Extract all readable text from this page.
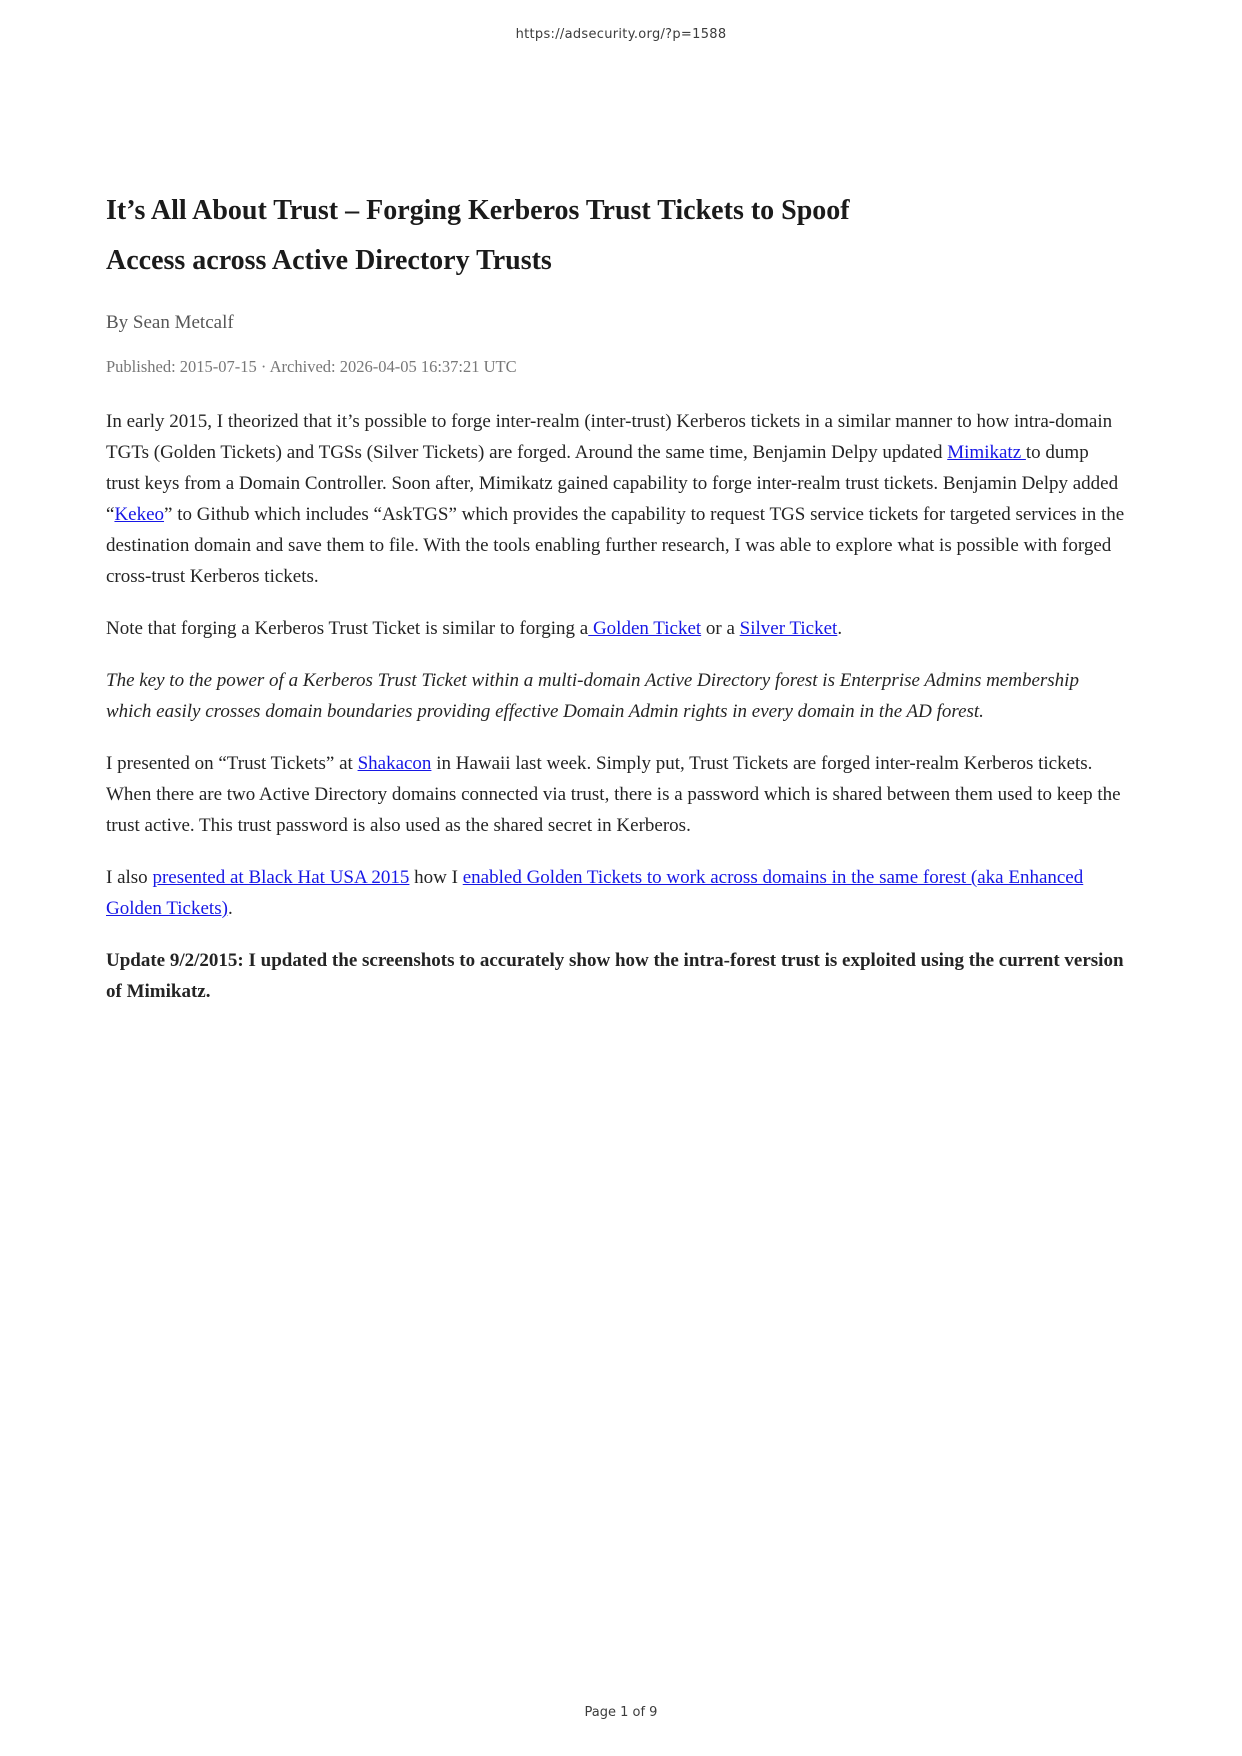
https://adsecurity.org/?p=1588
It’s All About Trust – Forging Kerberos Trust Tickets to Spoof
Access across Active Directory Trusts
By Sean Metcalf
Published: 2015-07-15 · Archived: 2026-04-05 16:37:21 UTC

In early 2015, I theorized that it’s possible to forge inter-realm (inter-trust) Kerberos tickets in a similar manner to how intra-domain TGTs (Golden Tickets) and TGSs (Silver Tickets) are forged. Around the same time, Benjamin Delpy updated Mimikatz to dump trust keys from a Domain Controller. Soon after, Mimikatz gained capability to forge inter-realm trust tickets. Benjamin Delpy added “Kekeo” to Github which includes “AskTGS” which provides the capability to request TGS service tickets for targeted services in the destination domain and save them to file. With the tools enabling further research, I was able to explore what is possible with forged cross-trust Kerberos tickets.

Note that forging a Kerberos Trust Ticket is similar to forging a Golden Ticket or a Silver Ticket.

The key to the power of a Kerberos Trust Ticket within a multi-domain Active Directory forest is Enterprise Admins membership which easily crosses domain boundaries providing effective Domain Admin rights in every domain in the AD forest.

I presented on “Trust Tickets” at Shakacon in Hawaii last week. Simply put, Trust Tickets are forged inter-realm Kerberos tickets. When there are two Active Directory domains connected via trust, there is a password which is shared between them used to keep the trust active. This trust password is also used as the shared secret in Kerberos.

I also presented at Black Hat USA 2015 how I enabled Golden Tickets to work across domains in the same forest (aka Enhanced Golden Tickets).

Update 9/2/2015: I updated the screenshots to accurately show how the intra-forest trust is exploited using the current version of Mimikatz.

Page 1 of 9
